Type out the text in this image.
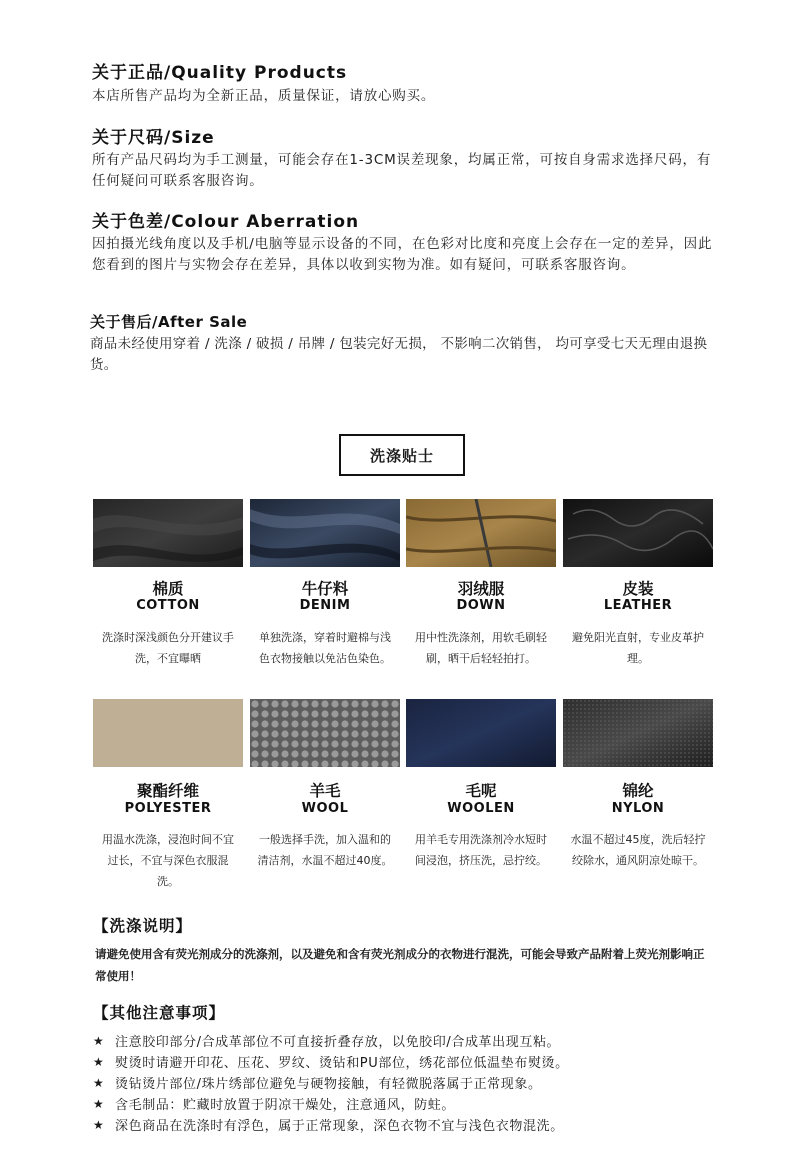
关于正品/Quality Products

本店所售产品均为全新正品，质量保证，请放心购买。

关于尺码/Size

所有产品尺码均为手工测量，可能会存在1-3CM误差现象，均属正常，可按自身需求选择尺码，有任何疑问可联系客服咨询。

关于色差/Colour Aberration

因拍摄光线角度以及手机/电脑等显示设备的不同，在色彩对比度和亮度上会存在一定的差异，因此您看到的图片与实物会存在差异，具体以收到实物为准。如有疑问，可联系客服咨询。

关于售后/After Sale

商品未经使用穿着 / 洗涤 / 破损 / 吊牌 / 包装完好无损， 不影响二次销售， 均可享受七天无理由退换货。

洗涤贴士
棉质
COTTON
洗涤时深浅颜色分开建议手洗，不宜曝晒
牛仔料
DENIM
单独洗涤，穿着时避棉与浅色衣物接触以免沾色染色。
羽绒服
DOWN
用中性洗涤剂，用软毛刷轻刷，晒干后轻轻拍打。
皮装
LEATHER
避免阳光直射，专业皮革护理。
聚酯纤维
POLYESTER
用温水洗涤，浸泡时间不宜过长，不宜与深色衣服混洗。
羊毛
WOOL
一般选择手洗，加入温和的清洁剂，水温不超过40度。
毛呢
WOOLEN
用羊毛专用洗涤剂冷水短时间浸泡，挤压洗，忌拧绞。
锦纶
NYLON
水温不超过45度，洗后轻拧绞除水，通风阴凉处晾干。
【洗涤说明】

请避免使用含有荧光剂成分的洗涤剂，以及避免和含有荧光剂成分的衣物进行混洗，可能会导致产品附着上荧光剂影响正常使用！

【其他注意事项】
★ 注意胶印部分/合成革部位不可直接折叠存放，以免胶印/合成革出现互粘。
★ 熨烫时请避开印花、压花、罗纹、烫钻和PU部位，绣花部位低温垫布熨烫。
★ 烫钻烫片部位/珠片绣部位避免与硬物接触，有轻微脱落属于正常现象。
★ 含毛制品：贮藏时放置于阴凉干燥处，注意通风，防蛀。
★ 深色商品在洗涤时有浮色，属于正常现象，深色衣物不宜与浅色衣物混洗。
